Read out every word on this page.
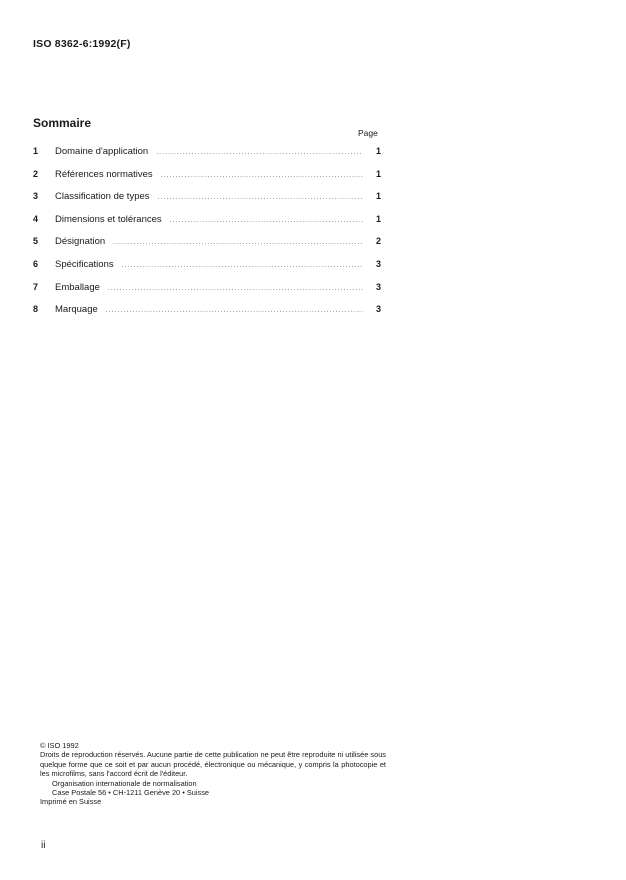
ISO 8362-6:1992(F)
Sommaire
Page
1	Domaine d'application .....	1
2	Références normatives .....	1
3	Classification de types .....	1
4	Dimensions et tolérances .....	1
5	Désignation .....	2
6	Spécifications .....	3
7	Emballage .....	3
8	Marquage .....	3
© ISO 1992
Droits de reproduction réservés. Aucune partie de cette publication ne peut être reproduite ni utilisée sous quelque forme que ce soit et par aucun procédé, électronique ou mécanique, y compris la photocopie et les microfilms, sans l'accord écrit de l'éditeur.
Organisation internationale de normalisation
Case Postale 56 • CH-1211 Genève 20 • Suisse
Imprimé en Suisse
ii
